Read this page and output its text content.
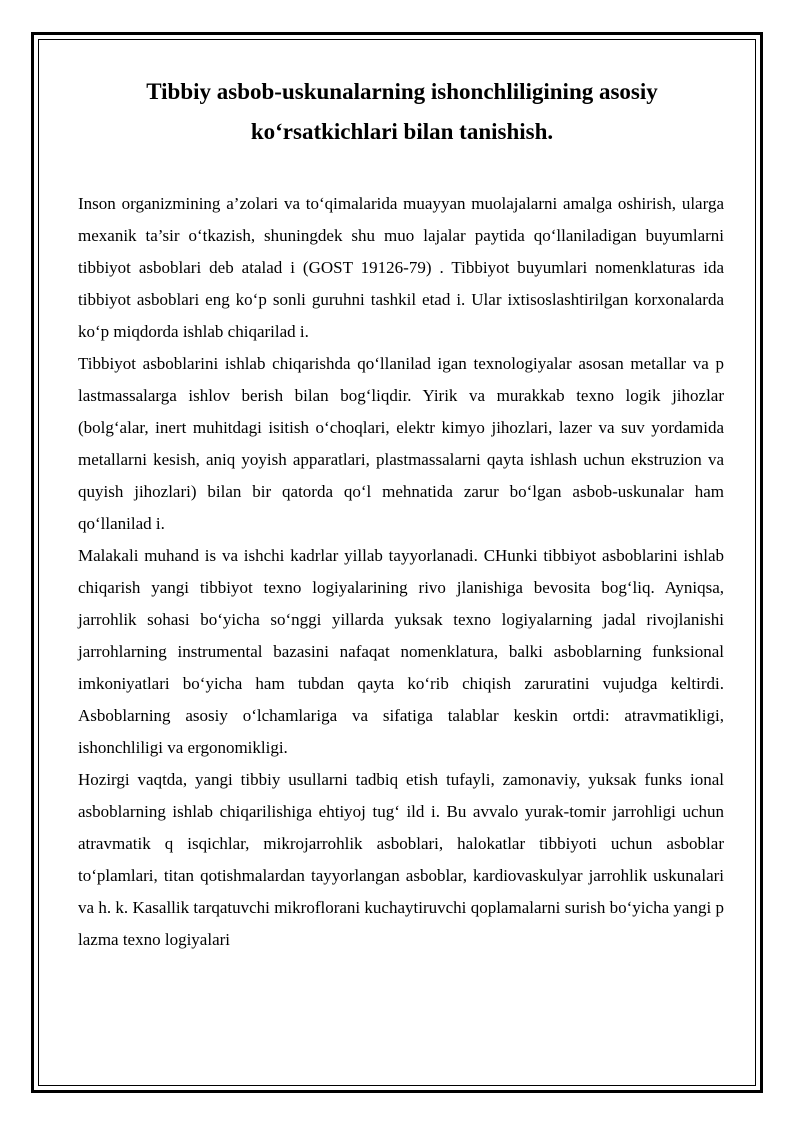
Tibbiy asbob-uskunalarning ishonchliligining asosiy
ko‘rsatkichlari bilan tanishish.

Inson organizmining a’zolari va to‘qimalarida muayyan muolajalarni amalga oshirish, ularga mexanik ta’sir o‘tkazish, shuningdek shu muo lajalar paytida qo‘llaniladigan buyumlarni tibbiyot asboblari deb atalad i (GOST 19126-79) . Tibbiyot buyumlari nomenklaturas ida tibbiyot asboblari eng ko‘p sonli guruhni tashkil etad i. Ular ixtisoslashtirilgan korxonalarda ko‘p miqdorda ishlab chiqarilad i.

Tibbiyot asboblarini ishlab chiqarishda qo‘llanilad igan texnologiyalar asosan metallar va p lastmassalarga ishlov berish bilan bog‘liqdir. Yirik va murakkab texno logik jihozlar (bolg‘alar, inert muhitdagi isitish o‘choqlari, elektr kimyo jihozlari, lazer va suv yordamida metallarni kesish, aniq yoyish apparatlari, plastmassalarni qayta ishlash uchun ekstruzion va quyish jihozlari) bilan bir qatorda qo‘l mehnatida zarur bo‘lgan asbob-uskunalar ham qo‘llanilad i.

Malakali muhand is va ishchi kadrlar yillab tayyorlanadi. CHunki tibbiyot asboblarini ishlab chiqarish yangi tibbiyot texno logiyalarining rivo jlanishiga bevosita bog‘liq. Ayniqsa, jarrohlik sohasi bo‘yicha so‘nggi yillarda yuksak texno logiyalarning jadal rivojlanishi jarrohlarning instrumental bazasini nafaqat nomenklatura, balki asboblarning funksional imkoniyatlari bo‘yicha ham tubdan qayta ko‘rib chiqish zaruratini vujudga keltirdi. Asboblarning asosiy o‘lchamlariga va sifatiga talablar keskin ortdi: atravmatikligi, ishonchliligi va ergonomikligi.

Hozirgi vaqtda, yangi tibbiy usullarni tadbiq etish tufayli, zamonaviy, yuksak funks ional asboblarning ishlab chiqarilishiga ehtiyoj tug‘ ild i. Bu avvalo yurak-tomir jarrohligi uchun atravmatik q isqichlar, mikrojarrohlik asboblari, halokatlar tibbiyoti uchun asboblar to‘plamlari, titan qotishmalardan tayyorlangan asboblar, kardiovaskulyar jarrohlik uskunalari va h. k. Kasallik tarqatuvchi mikroflorani kuchaytiruvchi qoplamalarni surish bo‘yicha yangi p lazma texno logiyalari
